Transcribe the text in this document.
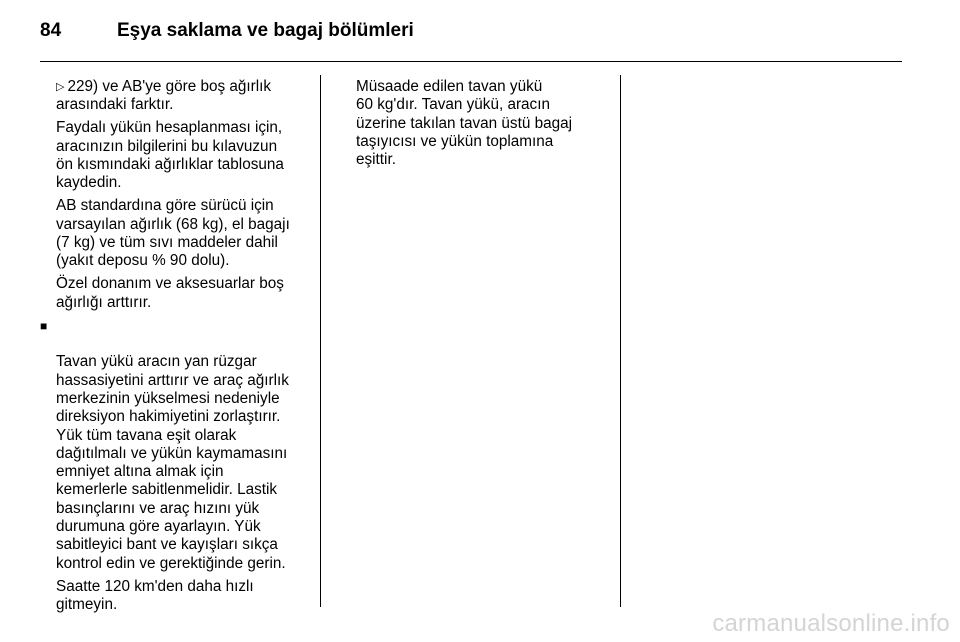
84	Eşya saklama ve bagaj bölümleri

▷ 229) ve AB'ye göre boş ağırlık
arasındaki farktır.

Faydalı yükün hesaplanması için,
aracınızın bilgilerini bu kılavuzun
ön kısmındaki ağırlıklar tablosuna
kaydedin.

AB standardına göre sürücü için
varsayılan ağırlık (68 kg), el bagajı
(7 kg) ve tüm sıvı maddeler dahil
(yakıt deposu % 90 dolu).

Özel donanım ve aksesuarlar boş
ağırlığı arttırır.

■

Tavan yükü aracın yan rüzgar
hassasiyetini arttırır ve araç ağırlık
merkezinin yükselmesi nedeniyle
direksiyon hakimiyetini zorlaştırır.
Yük tüm tavana eşit olarak
dağıtılmalı ve yükün kaymamasını
emniyet altına almak için
kemerlerle sabitlenmelidir. Lastik
basınçlarını ve araç hızını yük
durumuna göre ayarlayın. Yük
sabitleyici bant ve kayışları sıkça
kontrol edin ve gerektiğinde gerin.

Saatte 120 km'den daha hızlı
gitmeyin.

Müsaade edilen tavan yükü
60 kg'dır. Tavan yükü, aracın
üzerine takılan tavan üstü bagaj
taşıyıcısı ve yükün toplamına
eşittir.

carmanualsonline.info
